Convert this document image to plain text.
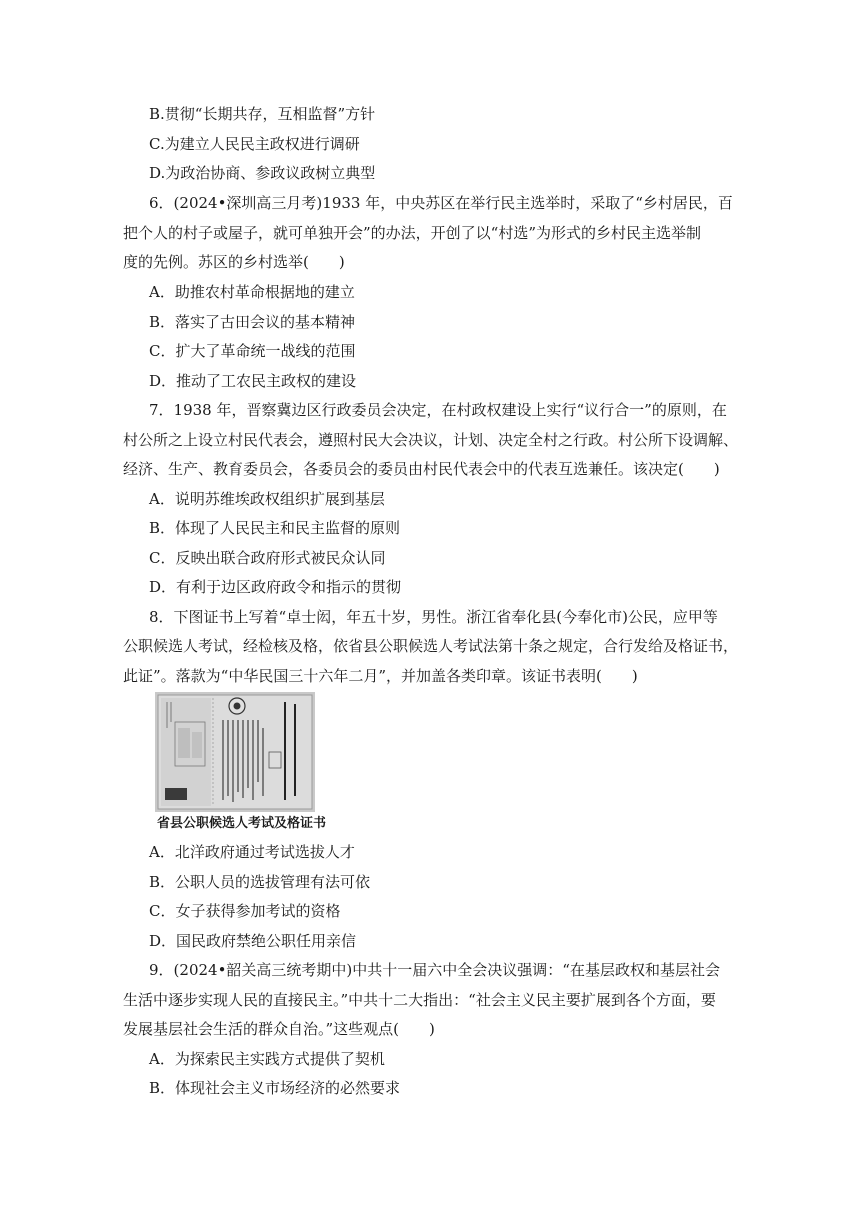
B.贯彻“长期共存，互相监督”方针
C.为建立人民民主政权进行调研
D.为政治协商、参政议政树立典型
6．(2024•深圳高三月考)1933 年，中央苏区在举行民主选举时，采取了“乡村居民，百
把个人的村子或屋子，就可单独开会”的办法，开创了以“村选”为形式的乡村民主选举制
度的先例。苏区的乡村选举(　　)
A．助推农村革命根据地的建立
B．落实了古田会议的基本精神
C．扩大了革命统一战线的范围
D．推动了工农民主政权的建设
7．1938 年，晋察冀边区行政委员会决定，在村政权建设上实行“议行合一”的原则，在
村公所之上设立村民代表会，遵照村民大会决议，计划、决定全村之行政。村公所下设调解、
经济、生产、教育委员会，各委员会的委员由村民代表会中的代表互选兼任。该决定(　　)
A．说明苏维埃政权组织扩展到基层
B．体现了人民民主和民主监督的原则
C．反映出联合政府形式被民众认同
D．有利于边区政府政令和指示的贯彻
8．下图证书上写着“卓士闳，年五十岁，男性。浙江省奉化县(今奉化市)公民，应甲等
公职候选人考试，经检核及格，依省县公职候选人考试法第十条之规定，合行发给及格证书，
此证”。落款为“中华民国三十六年二月”，并加盖各类印章。该证书表明(　　)
省县公职候选人考试及格证书
A．北洋政府通过考试选拔人才
B．公职人员的选拔管理有法可依
C．女子获得参加考试的资格
D．国民政府禁绝公职任用亲信
9．(2024•韶关高三统考期中)中共十一届六中全会决议强调：“在基层政权和基层社会
生活中逐步实现人民的直接民主。”中共十二大指出：“社会主义民主要扩展到各个方面，要
发展基层社会生活的群众自治。”这些观点(　　)
A．为探索民主实践方式提供了契机
B．体现社会主义市场经济的必然要求
